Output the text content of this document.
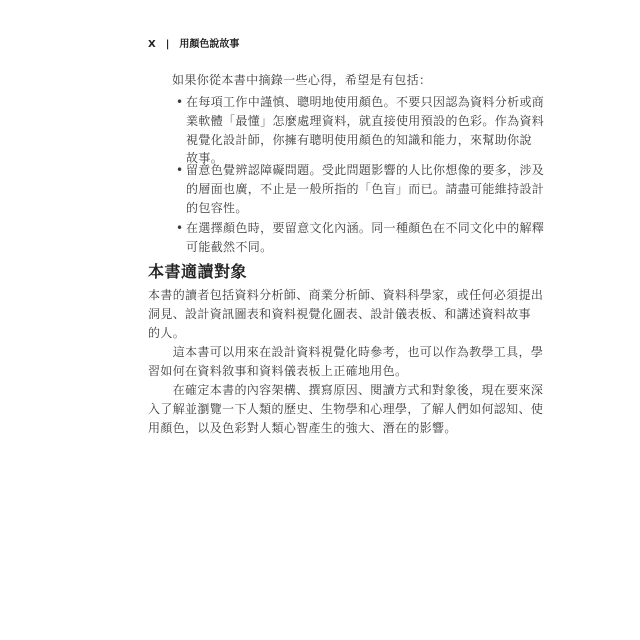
X | 用顏色說故事
如果你從本書中摘錄一些心得，希望是有包括：
• 在每項工作中謹慎、聰明地使用顏色。不要只因認為資料分析或商
業軟體「最懂」怎麼處理資料，就直接使用預設的色彩。作為資料
視覺化設計師，你擁有聰明使用顏色的知識和能力，來幫助你說
故事。
• 留意色覺辨認障礙問題。受此問題影響的人比你想像的要多，涉及
的層面也廣，不止是一般所指的「色盲」而已。請盡可能維持設計
的包容性。
• 在選擇顏色時，要留意文化內涵。同一種顏色在不同文化中的解釋
可能截然不同。
本書適讀對象
本書的讀者包括資料分析師、商業分析師、資料科學家，或任何必須提出
洞見、設計資訊圖表和資料視覺化圖表、設計儀表板、和講述資料故事
的人。
　　這本書可以用來在設計資料視覺化時參考，也可以作為教學工具，學
習如何在資料敘事和資料儀表板上正確地用色。
　　在確定本書的內容架構、撰寫原因、閱讀方式和對象後，現在要來深
入了解並瀏覽一下人類的歷史、生物學和心理學，了解人們如何認知、使
用顏色，以及色彩對人類心智產生的強大、潛在的影響。
